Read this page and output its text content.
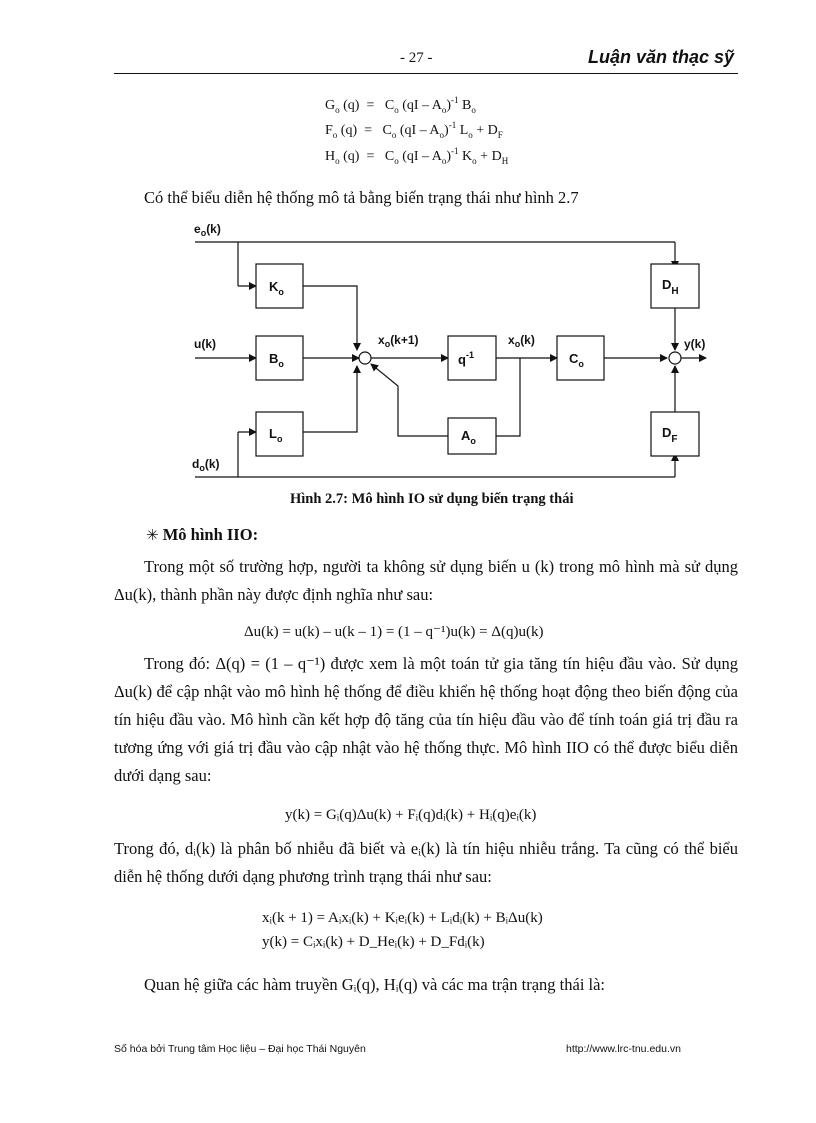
- 27 -	Luận văn thạc sỹ
$G_o$ $(q) = C_o$ $(qI - A_o)^{-1}$ $B_o$
$F_o$ $(q) = C_o$ $(qI - A_o)^{-1}$ $L_o + D_F$
$H_o$ $(q) = C_o$ $(qI - A_o)^{-1}$ $K_o + D_H$
Có thể biểu diễn hệ thống mô tả bằng biến trạng thái như hình 2.7
$K_o$
$B_o$
$L_o$
$q^{-1}$	$C_o$
$A_o$
$D_H$
$D_F$
$e_o(k)$
u(k)
$d_o(k)$
$x_o(k+1)$	$x_o(k)$	y(k)
Hình 2.7: Mô hình IO sử dụng biến trạng thái
✳ Mô hình IIO:
Trong một số trường hợp, người ta không sử dụng biến u (k) trong mô hình mà sử dụng Δu(k), thành phần này được định nghĩa như sau:
Δu(k) = u(k) – u(k – 1) = (1 – q⁻¹)u(k) = Δ(q)u(k)
Trong đó: Δ(q) = (1 – q⁻¹) được xem là một toán tử gia tăng tín hiệu đầu vào. Sử dụng Δu(k) để cập nhật vào mô hình hệ thống để điều khiển hệ thống hoạt động theo biến động của tín hiệu đầu vào. Mô hình cần kết hợp độ tăng của tín hiệu đầu vào để tính toán giá trị đầu ra tương ứng với giá trị đầu vào cập nhật vào hệ thống thực. Mô hình IIO có thể được biểu diễn dưới dạng sau:
y(k) = Gᵢ(q)Δu(k) + Fᵢ(q)dᵢ(k) + Hᵢ(q)eᵢ(k)
Trong đó, dᵢ(k) là phân bố nhiễu đã biết và eᵢ(k) là tín hiệu nhiễu trắng. Ta cũng có thể biểu diễn hệ thống dưới dạng phương trình trạng thái như sau:
xᵢ(k + 1) = Aᵢxᵢ(k) + Kᵢeᵢ(k) + Lᵢdᵢ(k) + BᵢΔu(k)
y(k) = Cᵢxᵢ(k) + D_Heᵢ(k) + D_Fdᵢ(k)
Quan hệ giữa các hàm truyền Gᵢ(q), Hᵢ(q) và các ma trận trạng thái là:
Số hóa bởi Trung tâm Học liệu – Đại học Thái Nguyên	http://www.lrc-tnu.edu.vn
